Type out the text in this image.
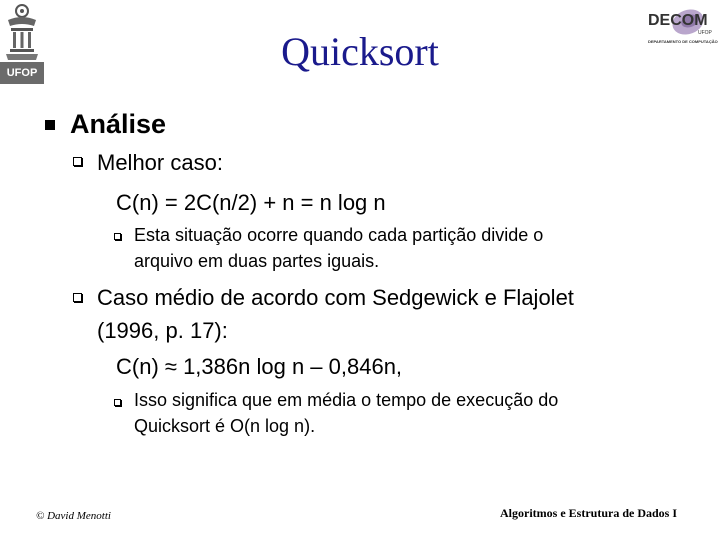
UFOP
DECOM
UFOP
DEPARTAMENTO DE COMPUTAÇÃO
Quicksort
Análise
Melhor caso:
C(n) = 2C(n/2) + n = n log n
Esta situação ocorre quando cada partição divide o
arquivo em duas partes iguais.
Caso médio de acordo com Sedgewick e Flajolet
(1996, p. 17):
C(n) ≈ 1,386n log n – 0,846n,
Isso significa que em média o tempo de execução do
Quicksort é O(n log n).
© David Menotti	Algoritmos e Estrutura de Dados I
